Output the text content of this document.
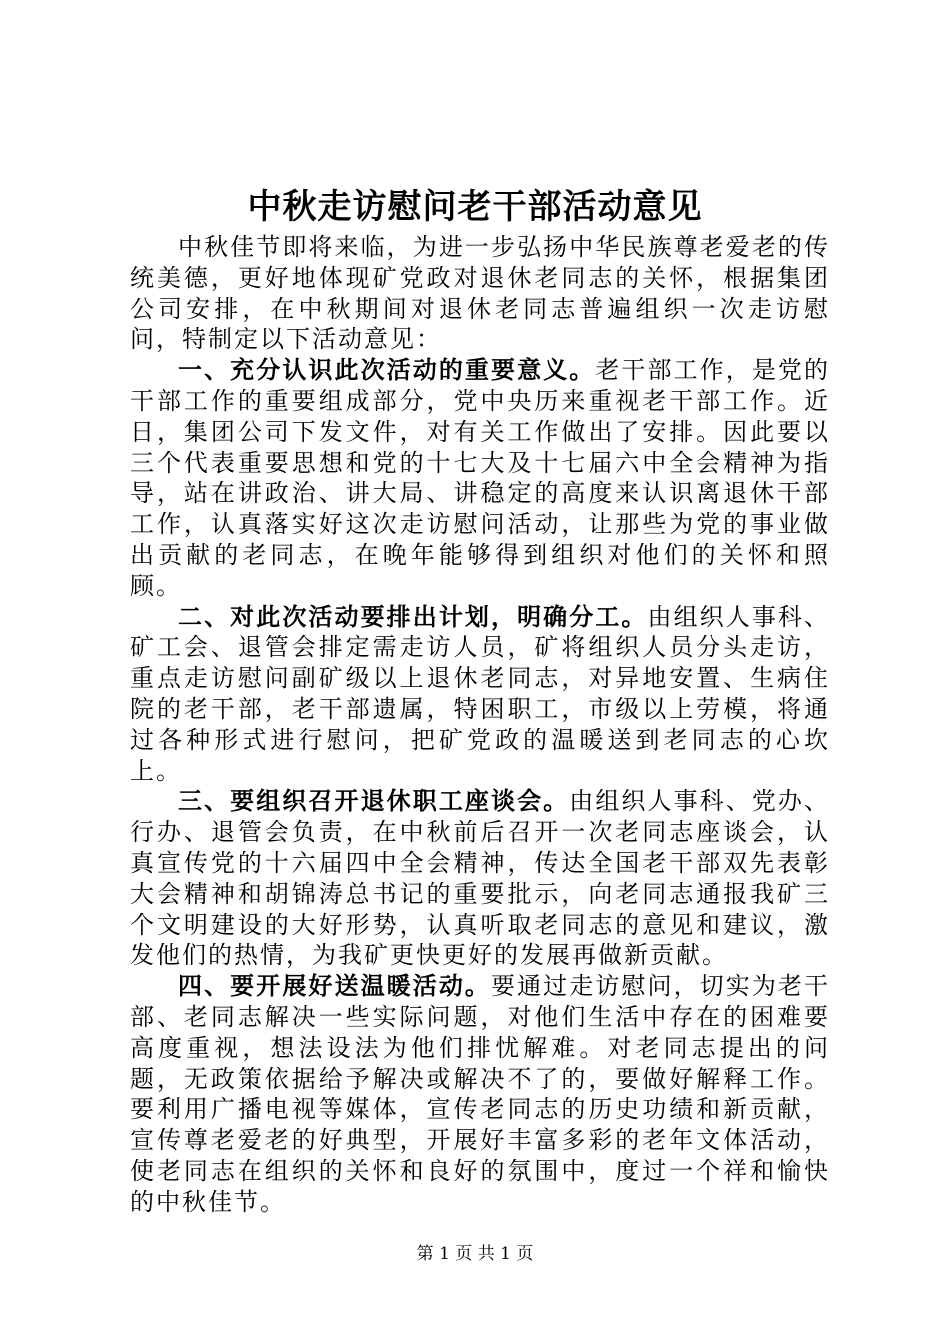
中秋走访慰问老干部活动意见

中秋佳节即将来临，为进一步弘扬中华民族尊老爱老的传统美德，更好地体现矿党政对退休老同志的关怀，根据集团公司安排，在中秋期间对退休老同志普遍组织一次走访慰问，特制定以下活动意见：

一、充分认识此次活动的重要意义。老干部工作，是党的干部工作的重要组成部分，党中央历来重视老干部工作。近日，集团公司下发文件，对有关工作做出了安排。因此要以三个代表重要思想和党的十七大及十七届六中全会精神为指导，站在讲政治、讲大局、讲稳定的高度来认识离退休干部工作，认真落实好这次走访慰问活动，让那些为党的事业做出贡献的老同志，在晚年能够得到组织对他们的关怀和照顾。

二、对此次活动要排出计划，明确分工。由组织人事科、矿工会、退管会排定需走访人员，矿将组织人员分头走访，重点走访慰问副矿级以上退休老同志，对异地安置、生病住院的老干部，老干部遗属，特困职工，市级以上劳模，将通过各种形式进行慰问，把矿党政的温暖送到老同志的心坎上。

三、要组织召开退休职工座谈会。由组织人事科、党办、行办、退管会负责，在中秋前后召开一次老同志座谈会，认真宣传党的十六届四中全会精神，传达全国老干部双先表彰大会精神和胡锦涛总书记的重要批示，向老同志通报我矿三个文明建设的大好形势，认真听取老同志的意见和建议，激发他们的热情，为我矿更快更好的发展再做新贡献。

四、要开展好送温暖活动。要通过走访慰问，切实为老干部、老同志解决一些实际问题，对他们生活中存在的困难要高度重视，想法设法为他们排忧解难。对老同志提出的问题，无政策依据给予解决或解决不了的，要做好解释工作。要利用广播电视等媒体，宣传老同志的历史功绩和新贡献，宣传尊老爱老的好典型，开展好丰富多彩的老年文体活动，使老同志在组织的关怀和良好的氛围中，度过一个祥和愉快的中秋佳节。

第 1 页 共 1 页
